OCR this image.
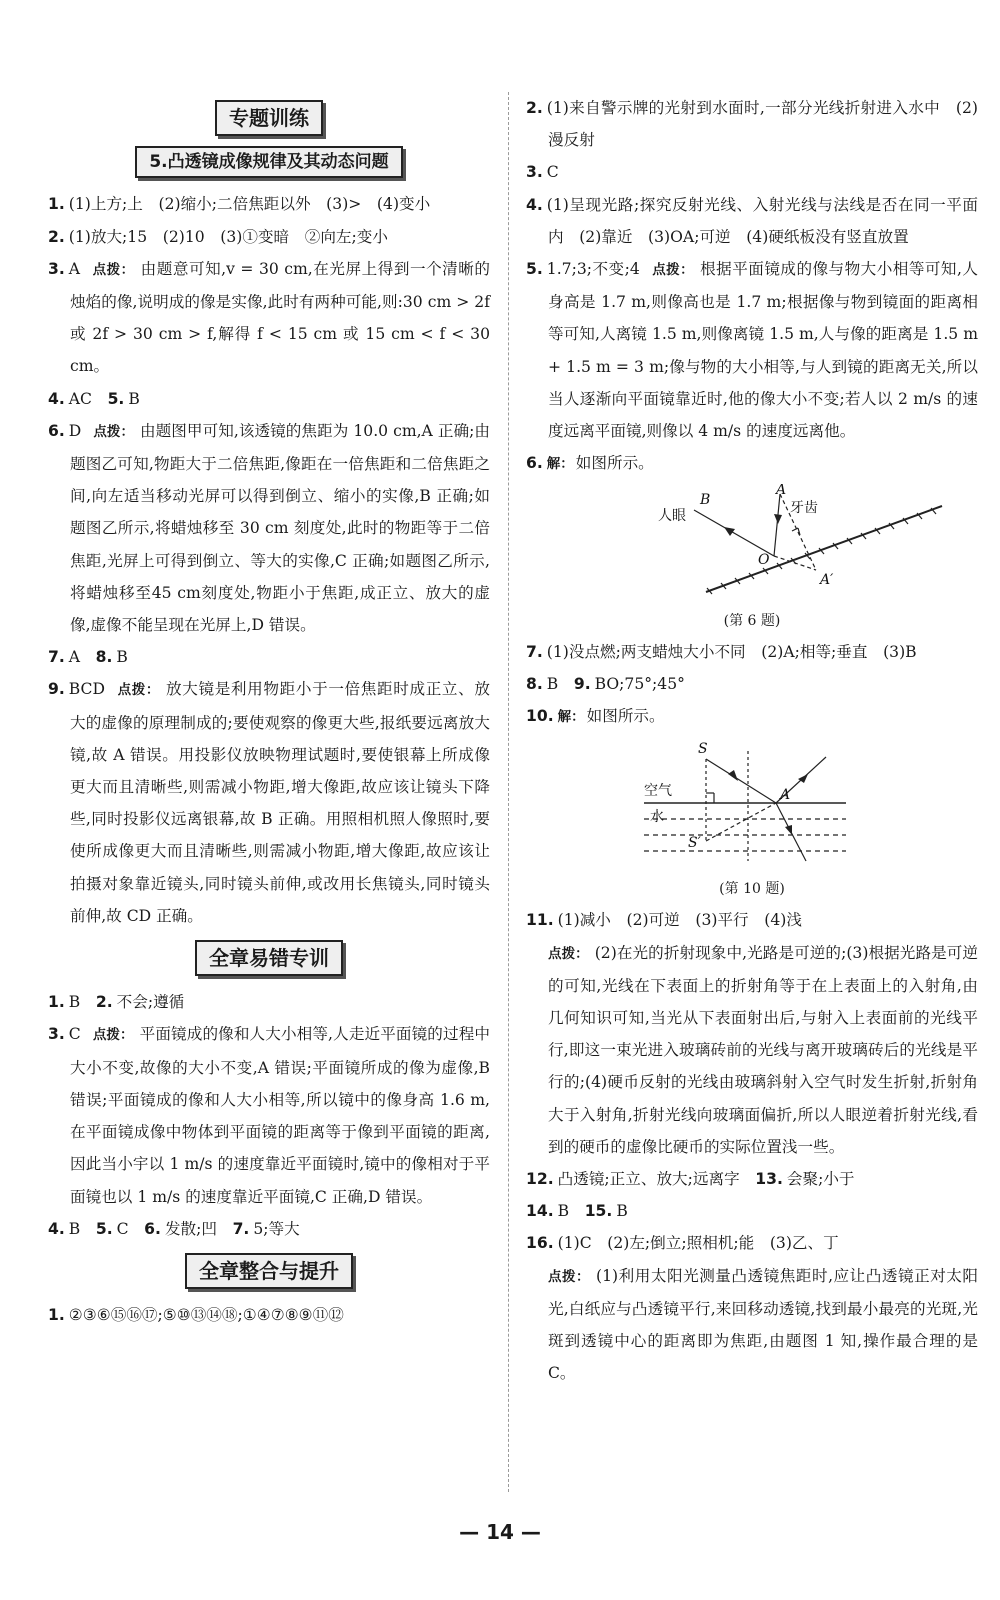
专题训练
5.凸透镜成像规律及其动态问题

1. (1)上方;上　(2)缩小;二倍焦距以外　(3)>　(4)变小

2. (1)放大;15　(2)10　(3)①变暗　②向左;变小

3. A 点拨： 由题意可知,v = 30 cm,在光屏上得到一个清晰的烛焰的像,说明成的像是实像,此时有两种可能,则:30 cm > 2f 或 2f > 30 cm > f,解得 f < 15 cm 或 15 cm < f < 30 cm。

4. AC　5. B

6. D 点拨： 由题图甲可知,该透镜的焦距为 10.0 cm,A 正确;由题图乙可知,物距大于二倍焦距,像距在一倍焦距和二倍焦距之间,向左适当移动光屏可以得到倒立、缩小的实像,B 正确;如题图乙所示,将蜡烛移至 30 cm 刻度处,此时的物距等于二倍焦距,光屏上可得到倒立、等大的实像,C 正确;如题图乙所示,将蜡烛移至45 cm刻度处,物距小于焦距,成正立、放大的虚像,虚像不能呈现在光屏上,D 错误。

7. A　8. B

9. BCD 点拨： 放大镜是利用物距小于一倍焦距时成正立、放大的虚像的原理制成的;要使观察的像更大些,报纸要远离放大镜,故 A 错误。用投影仪放映物理试题时,要使银幕上所成像更大而且清晰些,则需减小物距,增大像距,故应该让镜头下降些,同时投影仪远离银幕,故 B 正确。用照相机照人像照时,要使所成像更大而且清晰些,则需减小物距,增大像距,故应该让拍摄对象靠近镜头,同时镜头前伸,或改用长焦镜头,同时镜头前伸,故 CD 正确。

全章易错专训

1. B　2. 不会;遵循

3. C 点拨： 平面镜成的像和人大小相等,人走近平面镜的过程中大小不变,故像的大小不变,A 错误;平面镜所成的像为虚像,B 错误;平面镜成的像和人大小相等,所以镜中的像身高 1.6 m,在平面镜成像中物体到平面镜的距离等于像到平面镜的距离,因此当小宇以 1 m/s 的速度靠近平面镜时,镜中的像相对于平面镜也以 1 m/s 的速度靠近平面镜,C 正确,D 错误。

4. B　5. C　6. 发散;凹　7. 5;等大

全章整合与提升

1. ②③⑥⑮⑯⑰;⑤⑩⑬⑭⑱;①④⑦⑧⑨⑪⑫

2. (1)来自警示牌的光射到水面时,一部分光线折射进入水中　(2)漫反射

3. C

4. (1)呈现光路;探究反射光线、入射光线与法线是否在同一平面内　(2)靠近　(3)OA;可逆　(4)硬纸板没有竖直放置

5. 1.7;3;不变;4 点拨： 根据平面镜成的像与物大小相等可知,人身高是 1.7 m,则像高也是 1.7 m;根据像与物到镜面的距离相等可知,人离镜 1.5 m,则像离镜 1.5 m,人与像的距离是 1.5 m + 1.5 m = 3 m;像与物的大小相等,与人到镜的距离无关,所以当人逐渐向平面镜靠近时,他的像大小不变;若人以 2 m/s 的速度远离平面镜,则像以 4 m/s 的速度远离他。

6. 解： 如图所示。

B
人眼
A
牙齿
O
A′
(第 6 题)

7. (1)没点燃;两支蜡烛大小不同　(2)A;相等;垂直　(3)B

8. B　9. BO;75°;45°

10. 解： 如图所示。

S
空气
水
A
S′
(第 10 题)

11. (1)减小　(2)可逆　(3)平行　(4)浅

点拨： (2)在光的折射现象中,光路是可逆的;(3)根据光路是可逆的可知,光线在下表面上的折射角等于在上表面上的入射角,由几何知识可知,当光从下表面射出后,与射入上表面前的光线平行,即这一束光进入玻璃砖前的光线与离开玻璃砖后的光线是平行的;(4)硬币反射的光线由玻璃斜射入空气时发生折射,折射角大于入射角,折射光线向玻璃面偏折,所以人眼逆着折射光线,看到的硬币的虚像比硬币的实际位置浅一些。

12. 凸透镜;正立、放大;远离字　13. 会聚;小于

14. B　15. B

16. (1)C　(2)左;倒立;照相机;能　(3)乙、丁

点拨： (1)利用太阳光测量凸透镜焦距时,应让凸透镜正对太阳光,白纸应与凸透镜平行,来回移动透镜,找到最小最亮的光斑,光斑到透镜中心的距离即为焦距,由题图 1 知,操作最合理的是 C。

— 14 —
